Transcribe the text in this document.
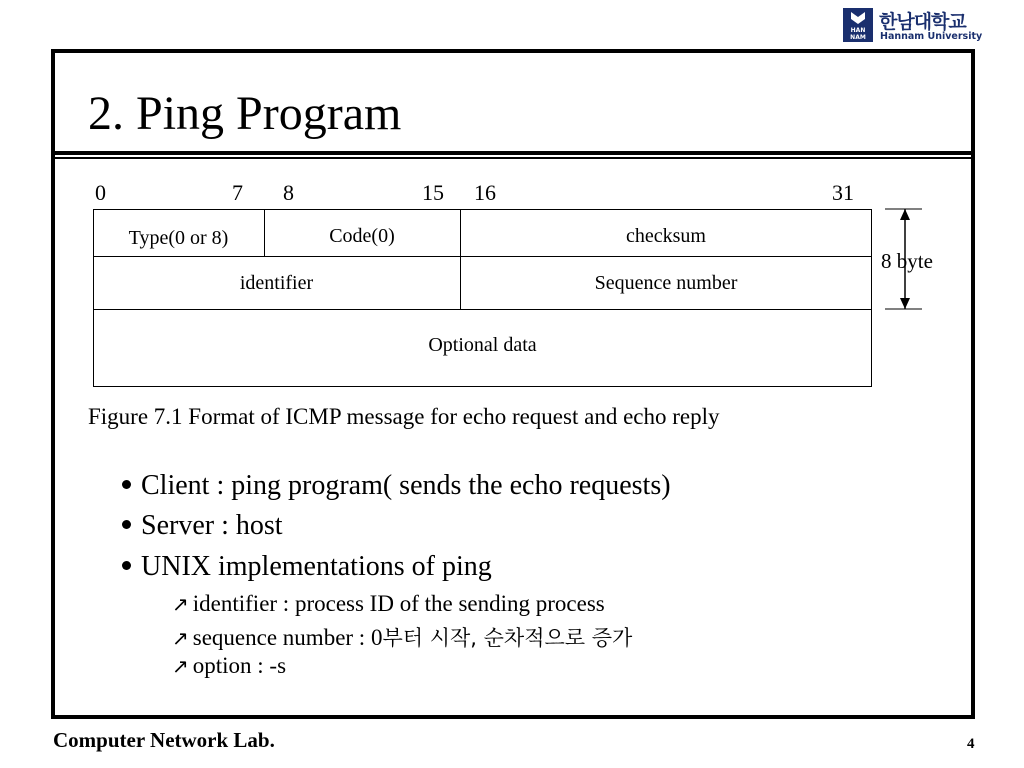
HAN
NAM
한남대학교
Hannam University
2. Ping Program
0	7 8	15 16	31
Type(0 or 8)	Code(0)	checksum
identifier	Sequence number
Optional data
8 byte
Figure 7.1 Format of ICMP message for echo request and echo reply
Client : ping program( sends the echo requests)
Server : host
UNIX implementations of ping
↗ identifier : process ID of the sending process
↗ sequence number : 0부터 시작, 순차적으로 증가
↗ option : -s
Computer Network Lab.	4
